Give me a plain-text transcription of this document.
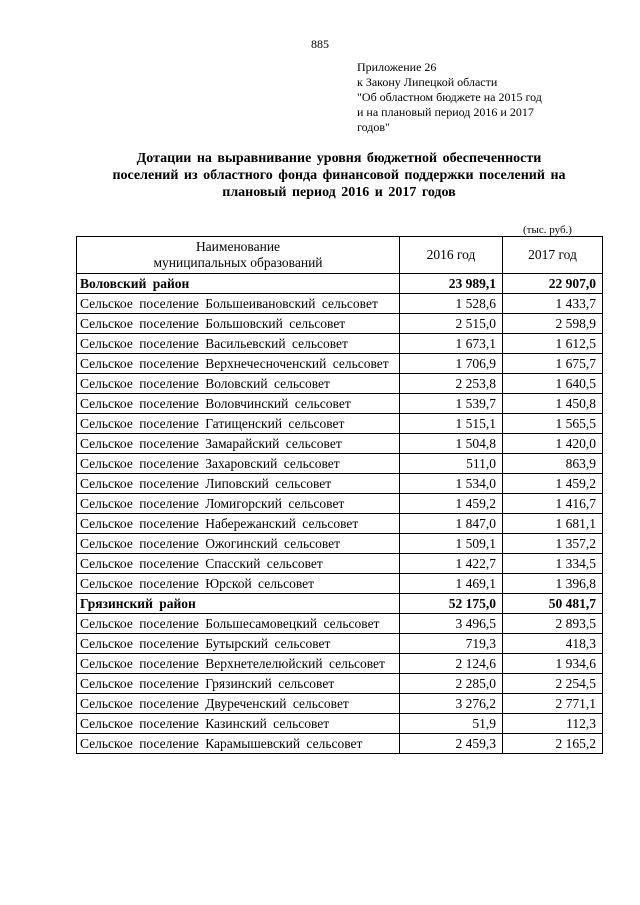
885
Приложение 26
к Закону Липецкой области
"Об областном бюджете на 2015 год
и на плановый период 2016 и 2017
годов"
Дотации на выравнивание уровня бюджетной обеспеченности
поселений из областного фонда финансовой поддержки поселений на
плановый период 2016 и 2017 годов
(тыс. руб.)
Наименование
муниципальных образований	2016 год	2017 год
Воловский район	23 989,1	22 907,0
Сельское поселение Большеивановский сельсовет	1 528,6	1 433,7
Сельское поселение Большовский сельсовет	2 515,0	2 598,9
Сельское поселение Васильевский сельсовет	1 673,1	1 612,5
Сельское поселение Верхнечесноченский сельсовет	1 706,9	1 675,7
Сельское поселение Воловский сельсовет	2 253,8	1 640,5
Сельское поселение Воловчинский сельсовет	1 539,7	1 450,8
Сельское поселение Гатищенский сельсовет	1 515,1	1 565,5
Сельское поселение Замарайский сельсовет	1 504,8	1 420,0
Сельское поселение Захаровский сельсовет	511,0	863,9
Сельское поселение Липовский сельсовет	1 534,0	1 459,2
Сельское поселение Ломигорский сельсовет	1 459,2	1 416,7
Сельское поселение Набережанский сельсовет	1 847,0	1 681,1
Сельское поселение Ожогинский сельсовет	1 509,1	1 357,2
Сельское поселение Спасский сельсовет	1 422,7	1 334,5
Сельское поселение Юрской сельсовет	1 469,1	1 396,8
Грязинский район	52 175,0	50 481,7
Сельское поселение Большесамовецкий сельсовет	3 496,5	2 893,5
Сельское поселение Бутырский сельсовет	719,3	418,3
Сельское поселение Верхнетелелюйский сельсовет	2 124,6	1 934,6
Сельское поселение Грязинский сельсовет	2 285,0	2 254,5
Сельское поселение Двуреченский сельсовет	3 276,2	2 771,1
Сельское поселение Казинский сельсовет	51,9	112,3
Сельское поселение Карамышевский сельсовет	2 459,3	2 165,2
